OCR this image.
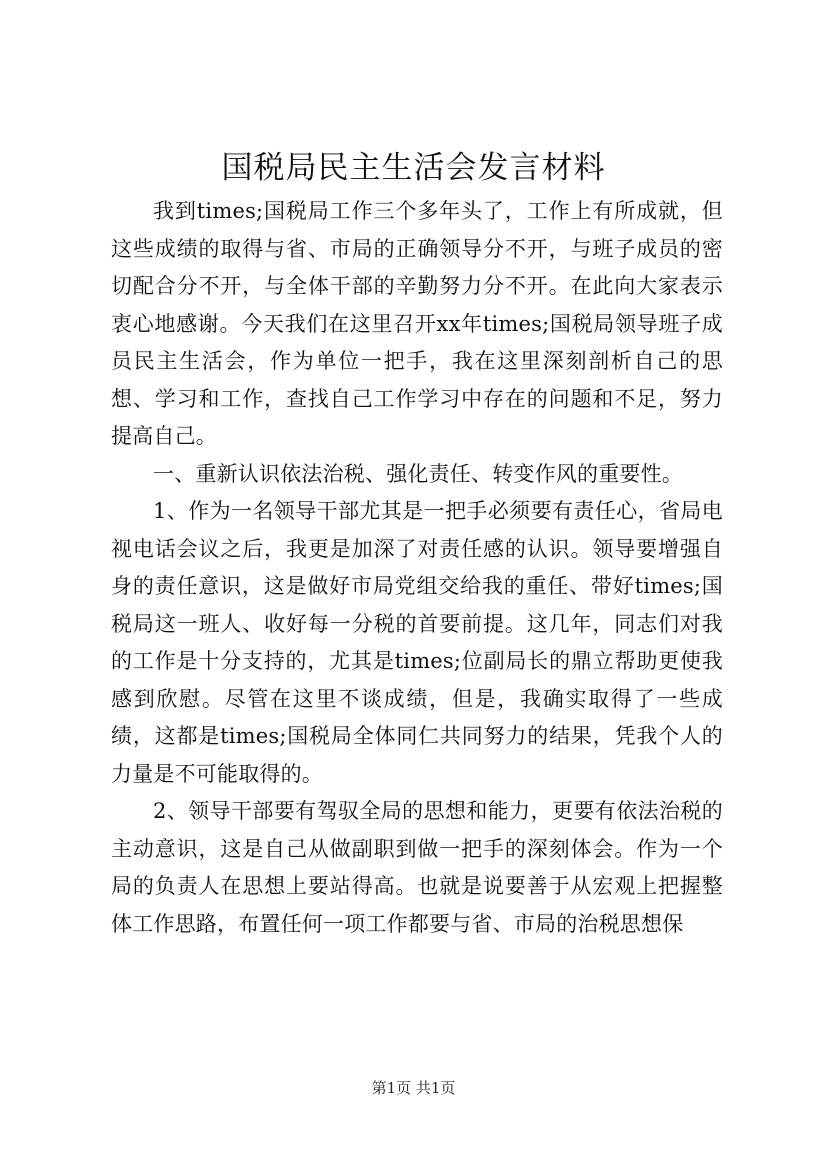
国税局民主生活会发言材料

我到times;国税局工作三个多年头了，工作上有所成就，但这些成绩的取得与省、市局的正确领导分不开，与班子成员的密切配合分不开，与全体干部的辛勤努力分不开。在此向大家表示衷心地感谢。今天我们在这里召开xx年times;国税局领导班子成员民主生活会，作为单位一把手，我在这里深刻剖析自己的思想、学习和工作，查找自己工作学习中存在的问题和不足，努力提高自己。

一、重新认识依法治税、强化责任、转变作风的重要性。

1、作为一名领导干部尤其是一把手必须要有责任心，省局电视电话会议之后，我更是加深了对责任感的认识。领导要增强自身的责任意识，这是做好市局党组交给我的重任、带好times;国税局这一班人、收好每一分税的首要前提。这几年，同志们对我的工作是十分支持的，尤其是times;位副局长的鼎立帮助更使我感到欣慰。尽管在这里不谈成绩，但是，我确实取得了一些成绩，这都是times;国税局全体同仁共同努力的结果，凭我个人的力量是不可能取得的。

2、领导干部要有驾驭全局的思想和能力，更要有依法治税的主动意识，这是自己从做副职到做一把手的深刻体会。作为一个局的负责人在思想上要站得高。也就是说要善于从宏观上把握整体工作思路，布置任何一项工作都要与省、市局的治税思想保

第1页 共1页
